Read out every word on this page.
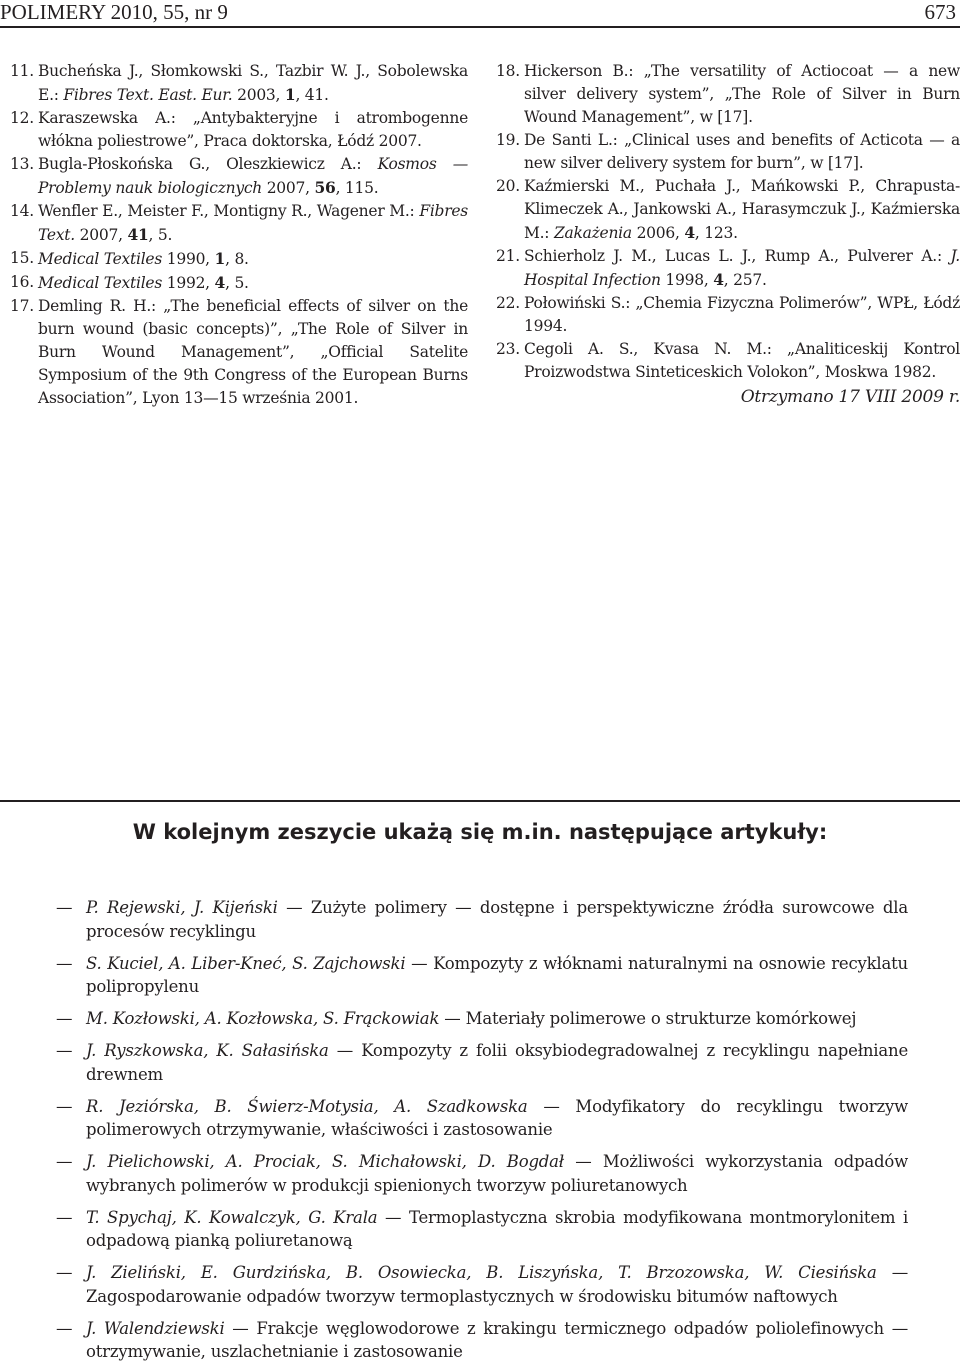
POLIMERY 2010, 55, nr 9	673
11. Bucheńska J., Słomkowski S., Tazbir W. J., Sobolewska E.: Fibres Text. East. Eur. 2003, 1, 41.
12. Karaszewska A.: „Antybakteryjne i atrombogenne włókna poliestrowe”, Praca doktorska, Łódź 2007.
13. Bugla-Płoskońska G., Oleszkiewicz A.: Kosmos — Problemy nauk biologicznych 2007, 56, 115.
14. Wenfler E., Meister F., Montigny R., Wagener M.: Fibres Text. 2007, 41, 5.
15. Medical Textiles 1990, 1, 8.
16. Medical Textiles 1992, 4, 5.
17. Demling R. H.: „The beneficial effects of silver on the burn wound (basic concepts)”, „The Role of Silver in Burn Wound Management”, „Official Satelite Symposium of the 9th Congress of the European Burns Association”, Lyon 13—15 września 2001.
18. Hickerson B.: „The versatility of Actiocoat — a new silver delivery system”, „The Role of Silver in Burn Wound Management”, w [17].
19. De Santi L.: „Clinical uses and benefits of Acticota — a new silver delivery system for burn”, w [17].
20. Kaźmierski M., Puchała J., Mańkowski P., Chrapusta-Klimeczek A., Jankowski A., Harasymczuk J., Kaźmierska M.: Zakażenia 2006, 4, 123.
21. Schierholz J. M., Lucas L. J., Rump A., Pulverer A.: J. Hospital Infection 1998, 4, 257.
22. Połowiński S.: „Chemia Fizyczna Polimerów”, WPŁ, Łódź 1994.
23. Cegoli A. S., Kvasa N. M.: „Analiticeskij Kontrol Proizwodstwa Sinteticeskich Volokon”, Moskwa 1982.
Otrzymano 17 VIII 2009 r.
W kolejnym zeszycie ukażą się m.in. następujące artykuły:
— P. Rejewski, J. Kijeński — Zużyte polimery — dostępne i perspektywiczne źródła surowcowe dla procesów recyklingu
— S. Kuciel, A. Liber-Kneć, S. Zajchowski — Kompozyty z włóknami naturalnymi na osnowie recyklatu polipropylenu
— M. Kozłowski, A. Kozłowska, S. Frąckowiak — Materiały polimerowe o strukturze komórkowej
— J. Ryszkowska, K. Sałasińska — Kompozyty z folii oksybiodegradowalnej z recyklingu napełniane drewnem
— R. Jeziórska, B. Świerz-Motysia, A. Szadkowska — Modyfikatory do recyklingu tworzyw polimerowych otrzymywanie, właściwości i zastosowanie
— J. Pielichowski, A. Prociak, S. Michałowski, D. Bogdał — Możliwości wykorzystania odpadów wybranych polimerów w produkcji spienionych tworzyw poliuretanowych
— T. Spychaj, K. Kowalczyk, G. Krala — Termoplastyczna skrobia modyfikowana montmorylonitem i odpadową pianką poliuretanową
— J. Zieliński, E. Gurdzińska, B. Osowiecka, B. Liszyńska, T. Brzozowska, W. Ciesińska — Zagospodarowanie odpadów tworzyw termoplastycznych w środowisku bitumów naftowych
— J. Walendziewski — Frakcje węglowodorowe z krakingu termicznego odpadów poliolefinowych — otrzymywanie, uszlachetnianie i zastosowanie
